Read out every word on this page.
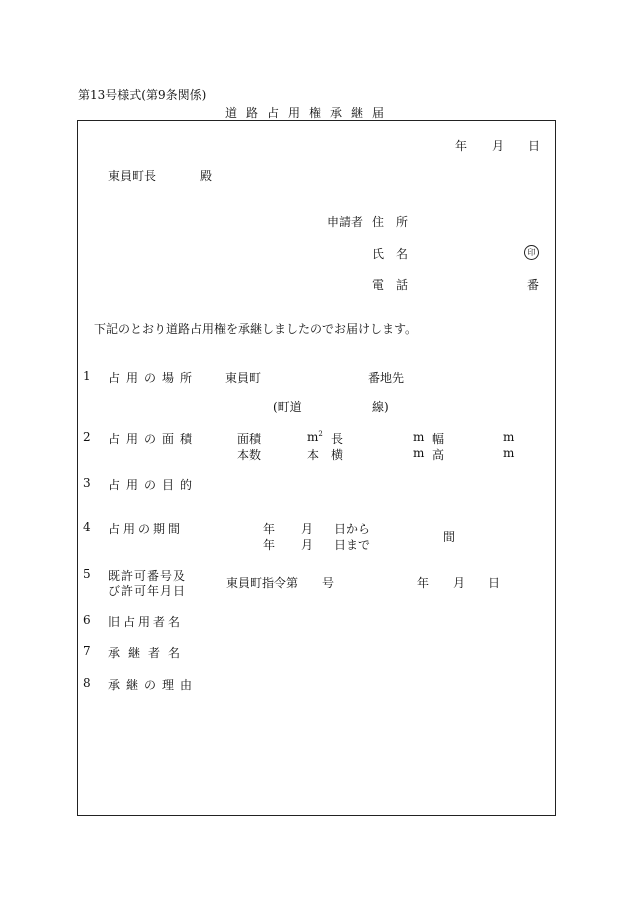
第13号様式(第9条関係)
道路占用権承継届
年 月 日
東員町長	殿
申請者 住　所
氏　名	印
電　話	番
下記のとおり道路占用権を承継しましたのでお届けします。
1 占用の場所 東員町	番地先
(町道	線)
2 占用の面積	面積	$m^2$ 長	m 幅	m
本数	本 横	m 高	m
3 占用の目的
4 占用の期間	年 月 日から
年 月 日まで
間
5 既許可番号及
び許可年月日
東員町指令第 号	年 月 日
6 旧占用者名
7 承継者名
8 承継の理由
